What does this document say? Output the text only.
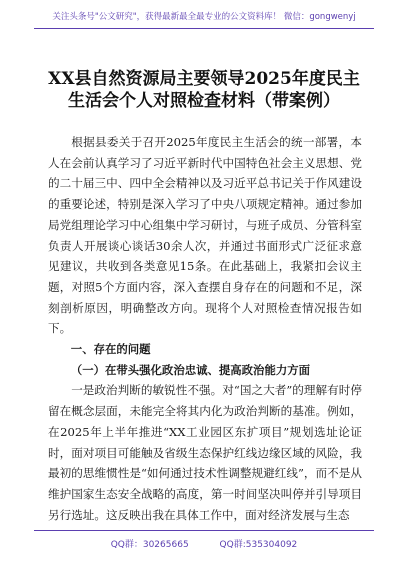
关注头条号"公文研究"，获得最新最全最专业的公文资料库！ 微信：gongwenyj
XX县自然资源局主要领导2025年度民主
生活会个人对照检查材料（带案例）

根据县委关于召开2025年度民主生活会的统一部署，本人在会前认真学习了习近平新时代中国特色社会主义思想、党的二十届三中、四中全会精神以及习近平总书记关于作风建设的重要论述，特别是深入学习了中央八项规定精神。通过参加局党组理论学习中心组集中学习研讨，与班子成员、分管科室负责人开展谈心谈话30余人次，并通过书面形式广泛征求意见建议，共收到各类意见15条。在此基础上，我紧扣会议主题，对照5个方面内容，深入查摆自身存在的问题和不足，深刻剖析原因，明确整改方向。现将个人对照检查情况报告如下。

一、存在的问题

（一）在带头强化政治忠诚、提高政治能力方面

一是政治判断的敏锐性不强。对“国之大者”的理解有时停留在概念层面，未能完全将其内化为政治判断的基准。例如，在2025年上半年推进“XX工业园区东扩项目”规划选址论证时，面对项目可能触及省级生态保护红线边缘区域的风险，我最初的思维惯性是“如何通过技术性调整规避红线”，而不是从维护国家生态安全战略的高度，第一时间坚决叫停并引导项目另行选址。这反映出我在具体工作中，面对经济发展与生态

QQ群：30265665	QQ群:535304092
